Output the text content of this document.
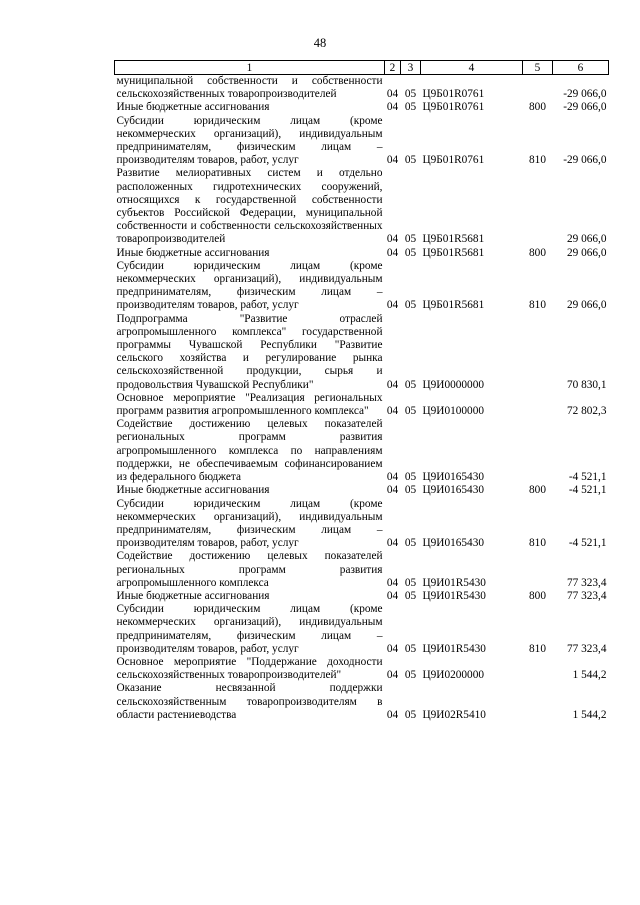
48
1	2	3	4	5	6
муниципальной собственности и собственности сельскохозяйственных товаропроизводителей	04	05	Ц9Б01R0761		-29 066,0
Иные бюджетные ассигнования	04	05	Ц9Б01R0761	800	-29 066,0
Субсидии юридическим лицам (кроме некоммерческих организаций), индивидуальным предпринимателям, физическим лицам – производителям товаров, работ, услуг	04	05	Ц9Б01R0761	810	-29 066,0
Развитие мелиоративных систем и отдельно расположенных гидротехнических сооружений, относящихся к государственной собственности субъектов Российской Федерации, муниципальной собственности и собственности сельскохозяйственных товаропроизводителей	04	05	Ц9Б01R5681		29 066,0
Иные бюджетные ассигнования	04	05	Ц9Б01R5681	800	29 066,0
Субсидии юридическим лицам (кроме некоммерческих организаций), индивидуальным предпринимателям, физическим лицам – производителям товаров, работ, услуг	04	05	Ц9Б01R5681	810	29 066,0
Подпрограмма "Развитие отраслей агропромышленного комплекса" государственной программы Чувашской Республики "Развитие сельского хозяйства и регулирование рынка сельскохозяйственной продукции, сырья и продовольствия Чувашской Республики"	04	05	Ц9И0000000		70 830,1
Основное мероприятие "Реализация региональных программ развития агропромышленного комплекса"	04	05	Ц9И0100000		72 802,3
Содействие достижению целевых показателей региональных программ развития агропромышленного комплекса по направлениям поддержки, не обеспечиваемым софинансированием из федерального бюджета	04	05	Ц9И0165430		-4 521,1
Иные бюджетные ассигнования	04	05	Ц9И0165430	800	-4 521,1
Субсидии юридическим лицам (кроме некоммерческих организаций), индивидуальным предпринимателям, физическим лицам – производителям товаров, работ, услуг	04	05	Ц9И0165430	810	-4 521,1
Содействие достижению целевых показателей региональных программ развития агропромышленного комплекса	04	05	Ц9И01R5430		77 323,4
Иные бюджетные ассигнования	04	05	Ц9И01R5430	800	77 323,4
Субсидии юридическим лицам (кроме некоммерческих организаций), индивидуальным предпринимателям, физическим лицам – производителям товаров, работ, услуг	04	05	Ц9И01R5430	810	77 323,4
Основное мероприятие "Поддержание доходности сельскохозяйственных товаропроизводителей"	04	05	Ц9И0200000		1 544,2
Оказание несвязанной поддержки сельскохозяйственным товаропроизводителям в области растениеводства	04	05	Ц9И02R5410		1 544,2
